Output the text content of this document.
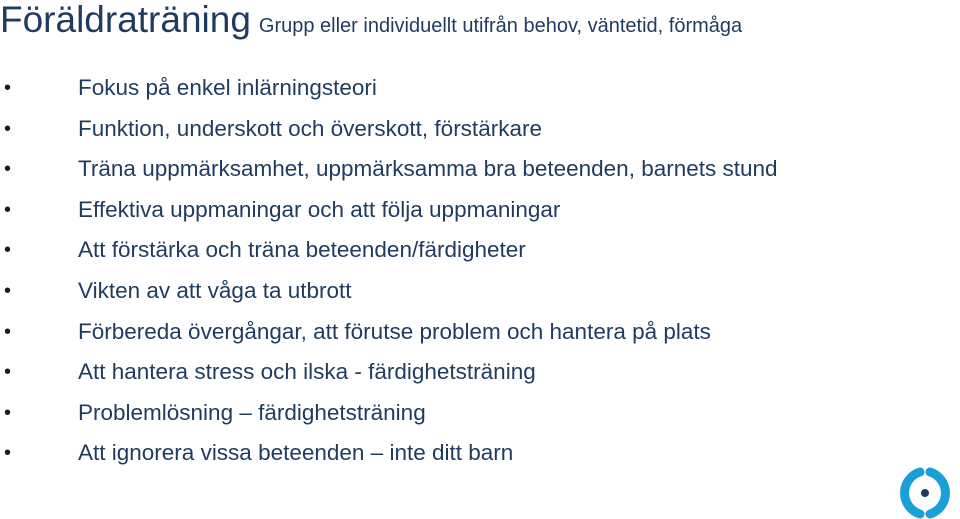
Föräldraträning Grupp eller individuellt utifrån behov, väntetid, förmåga
•	Fokus på enkel inlärningsteori
•	Funktion, underskott och överskott, förstärkare
•	Träna uppmärksamhet, uppmärksamma bra beteenden, barnets stund
•	Effektiva uppmaningar och att följa uppmaningar
•	Att förstärka och träna beteenden/färdigheter
•	Vikten av att våga ta utbrott
•	Förbereda övergångar, att förutse problem och hantera på plats
•	Att hantera stress och ilska - färdighetsträning
•	Problemlösning – färdighetsträning
•	Att ignorera vissa beteenden – inte ditt barn
